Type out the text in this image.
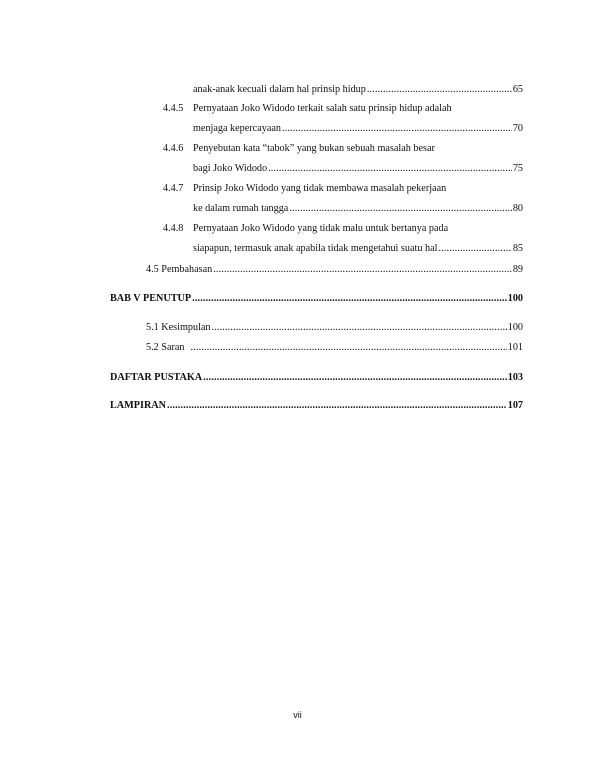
anak-anak kecuali dalam hal prinsip hidup . . .	65
4.4.5 Pernyataan Joko Widodo terkait salah satu prinsip hidup adalah
menjaga kepercayaan . . .	70
4.4.6 Penyebutan kata “tabok” yang bukan sebuah masalah besar
bagi Joko Widodo . . .	75
4.4.7 Prinsip Joko Widodo yang tidak membawa masalah pekerjaan
ke dalam rumah tangga . . .	80
4.4.8 Pernyataan Joko Widodo yang tidak malu untuk bertanya pada
siapapun, termasuk anak apabila tidak mengetahui suatu hal . . .	85
4.5 Pembahasan . . .	89
BAB V PENUTUP . . .	100
5.1 Kesimpulan . . .	100
5.2 Saran . . .	101
DAFTAR PUSTAKA . . .	103
LAMPIRAN . . .	107
vii
